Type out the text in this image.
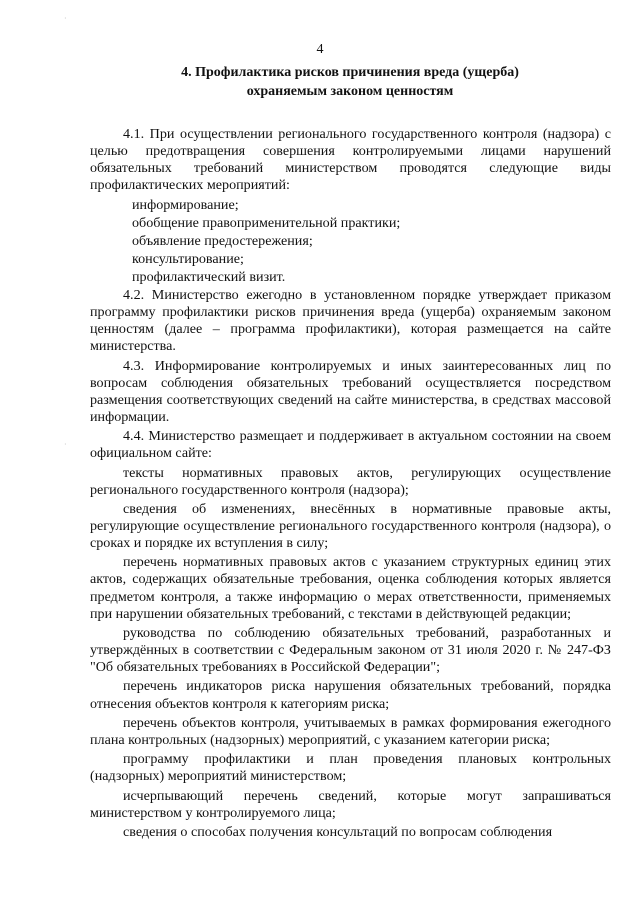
·
·
4
4. Профилактика рисков причинения вреда (ущерба)
охраняемым законом ценностям

4.1. При осуществлении регионального государственного контроля (надзора) с целью предотвращения совершения контролируемыми лицами нарушений обязательных требований министерством проводятся следующие виды профилактических мероприятий:

информирование;

обобщение правоприменительной практики;

объявление предостережения;

консультирование;

профилактический визит.

4.2. Министерство ежегодно в установленном порядке утверждает приказом программу профилактики рисков причинения вреда (ущерба) охраняемым законом ценностям (далее – программа профилактики), которая размещается на сайте министерства.

4.3. Информирование контролируемых и иных заинтересованных лиц по вопросам соблюдения обязательных требований осуществляется посредством размещения соответствующих сведений на сайте министерства, в средствах массовой информации.

4.4. Министерство размещает и поддерживает в актуальном состоянии на своем официальном сайте:

тексты нормативных правовых актов, регулирующих осуществление регионального государственного контроля (надзора);

сведения об изменениях, внесённых в нормативные правовые акты, регулирующие осуществление регионального государственного контроля (надзора), о сроках и порядке их вступления в силу;

перечень нормативных правовых актов с указанием структурных единиц этих актов, содержащих обязательные требования, оценка соблюдения которых является предметом контроля, а также информацию о мерах ответственности, применяемых при нарушении обязательных требований, с текстами в действующей редакции;

руководства по соблюдению обязательных требований, разработанных и утверждённых в соответствии с Федеральным законом от 31 июля 2020 г. № 247-ФЗ "Об обязательных требованиях в Российской Федерации";

перечень индикаторов риска нарушения обязательных требований, порядка отнесения объектов контроля к категориям риска;

перечень объектов контроля, учитываемых в рамках формирования ежегодного плана контрольных (надзорных) мероприятий, с указанием категории риска;

программу профилактики и план проведения плановых контрольных (надзорных) мероприятий министерством;

исчерпывающий перечень сведений, которые могут запрашиваться министерством у контролируемого лица;

сведения о способах получения консультаций по вопросам соблюдения
